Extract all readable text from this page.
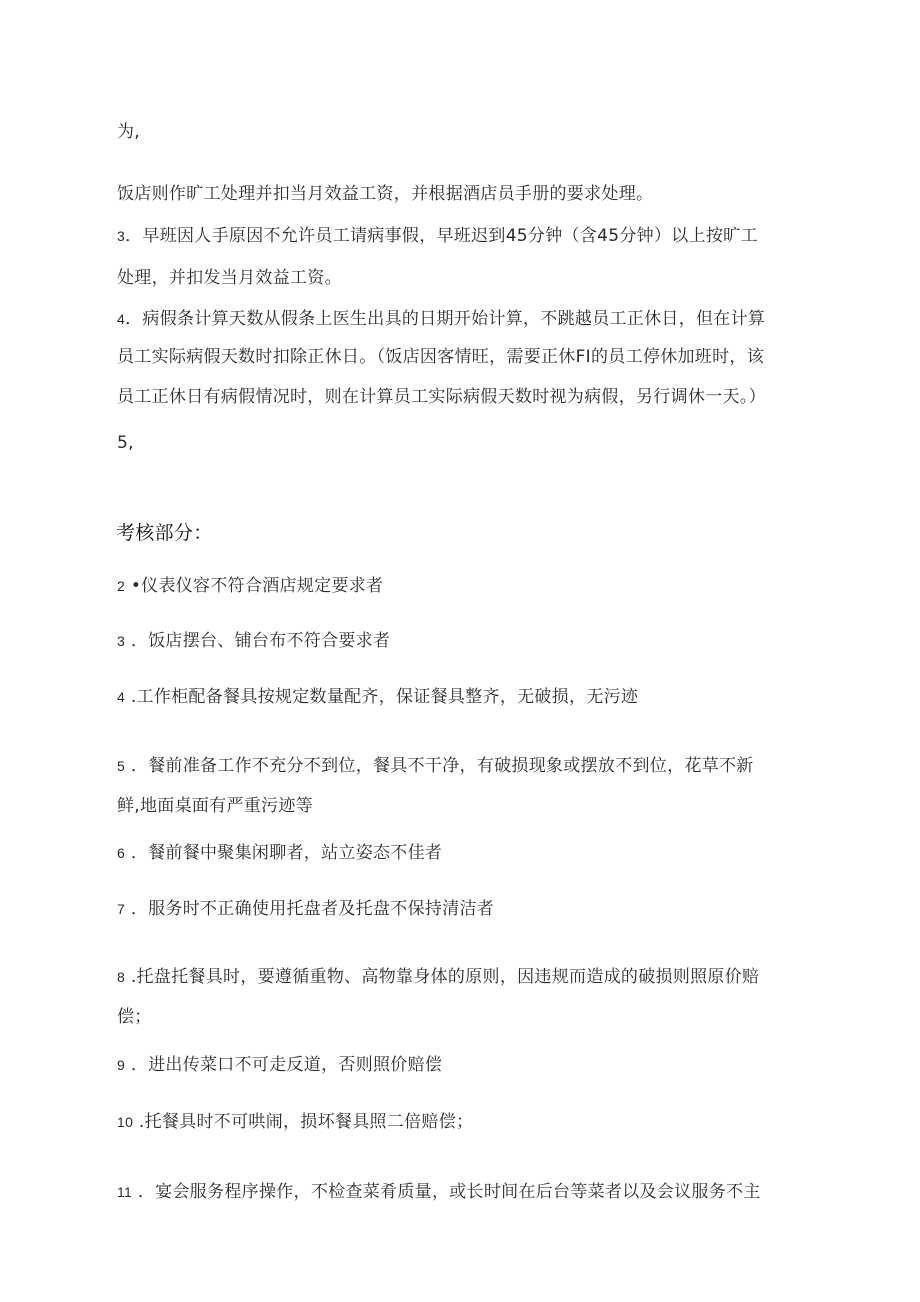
为,

饭店则作旷工处理并扣当月效益工资，并根据酒店员手册的要求处理。

3．早班因人手原因不允许员工请病事假，早班迟到45分钟（含45分钟）以上按旷工

处理，并扣发当月效益工资。

4．病假条计算天数从假条上医生出具的日期开始计算，不跳越员工正休日，但在计算

员工实际病假天数时扣除正休日。（饭店因客情旺，需要正休FI的员工停休加班时，该

员工正休日有病假情况时，则在计算员工实际病假天数时视为病假，另行调休一天。）

5,

考核部分：

2 •仪表仪容不符合酒店规定要求者

3 ．饭店摆台、铺台布不符合要求者

4 .工作柜配备餐具按规定数量配齐，保证餐具整齐，无破损，无污迹

5 ．餐前准备工作不充分不到位，餐具不干净，有破损现象或摆放不到位，花草不新

鲜,地面桌面有严重污迹等

6 ．餐前餐中聚集闲聊者，站立姿态不佳者

7 ．服务时不正确使用托盘者及托盘不保持清洁者

8 .托盘托餐具时，要遵循重物、高物靠身体的原则，因违规而造成的破损则照原价赔

偿；

9 ．进出传菜口不可走反道，否则照价赔偿

10 .托餐具时不可哄闹，损坏餐具照二倍赔偿；

11 ．宴会服务程序操作，不检查菜肴质量，或长时间在后台等菜者以及会议服务不主
